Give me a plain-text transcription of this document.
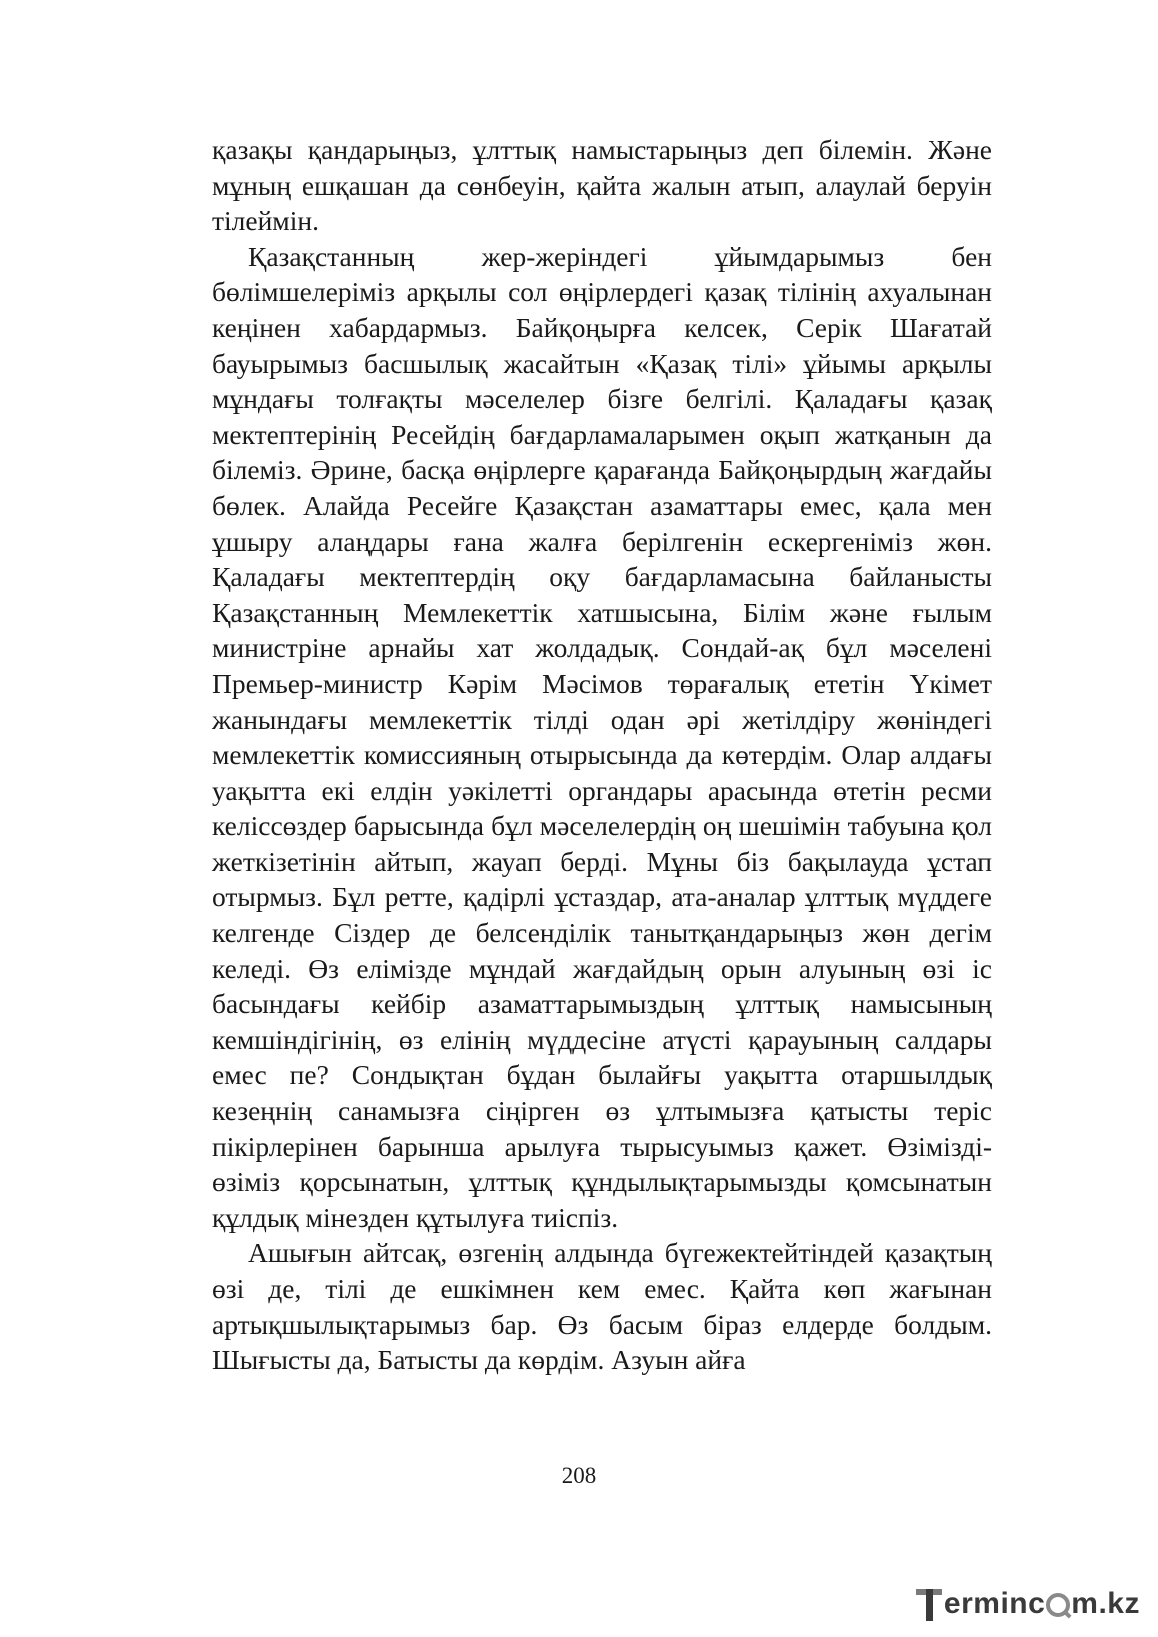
қазақы қандарыңыз, ұлттық намыстарыңыз деп білемін. Және мұның ешқашан да сөнбеуін, қайта жалын атып, алаулай беруін тілеймін.

Қазақстанның жер-жеріндегі ұйымдарымыз бен бөлімшелеріміз арқылы сол өңірлердегі қазақ тілінің ахуалынан кеңінен хабардармыз. Байқоңырға келсек, Серік Шағатай бауырымыз басшылық жасайтын «Қазақ тілі» ұйымы арқылы мұндағы толғақты мәселелер бізге белгілі. Қаладағы қазақ мектептерінің Ресейдің бағдарламаларымен оқып жатқанын да білеміз. Әрине, басқа өңірлерге қарағанда Байқоңырдың жағдайы бөлек. Алайда Ресейге Қазақстан азаматтары емес, қала мен ұшыру алаңдары ғана жалға берілгенін ескергеніміз жөн. Қаладағы мектептердің оқу бағдарламасына байланысты Қазақстанның Мемлекеттік хатшысына, Білім және ғылым министріне арнайы хат жолдадық. Сондай-ақ бұл мәселені Премьер-министр Кәрім Мәсімов төрағалық ететін Үкімет жанындағы мемлекеттік тілді одан әрі жетілдіру жөніндегі мемлекеттік комиссияның отырысында да көтердім. Олар алдағы уақытта екі елдін уәкілетті органдары арасында өтетін ресми келіссөздер барысында бұл мәселелердің оң шешімін табуына қол жеткізетінін айтып, жауап берді. Мұны біз бақылауда ұстап отырмыз. Бұл ретте, қадірлі ұстаздар, ата-аналар ұлттық мүддеге келгенде Сіздер де белсенділік танытқандарыңыз жөн дегім келеді. Өз елімізде мұндай жағдайдың орын алуының өзі іс басындағы кейбір азаматтарымыздың ұлттық намысының кемшіндігінің, өз елінің мүддесіне атүсті қарауының салдары емес пе? Сондықтан бұдан былайғы уақытта отаршылдық кезеңнің санамызға сіңірген өз ұлтымызға қатысты теріс пікірлерінен барынша арылуға тырысуымыз қажет. Өзімізді-өзіміз қорсынатын, ұлттық құндылықтарымызды қомсынатын құлдық мінезден құтылуға тиіспіз.

Ашығын айтсақ, өзгенің алдында бүгежектейтіндей қазақтың өзі де, тілі де ешкімнен кем емес. Қайта көп жағынан артықшылықтарымыз бар. Өз басым біраз елдерде болдым. Шығысты да, Батысты да көрдім. Азуын айға

208
erminc m.kz
